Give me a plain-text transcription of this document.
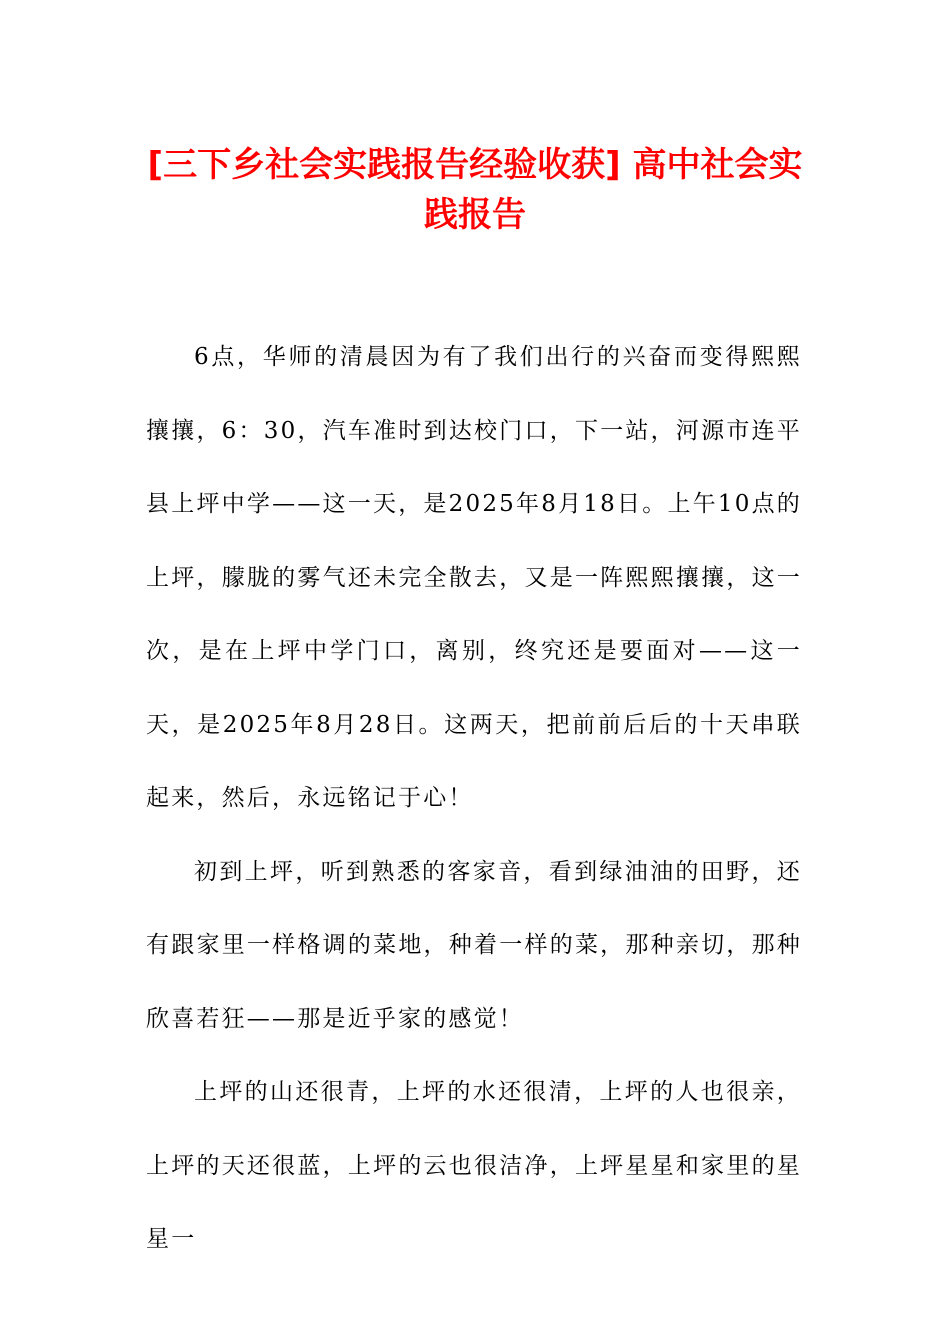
[三下乡社会实践报告经验收获] 高中社会实践报告

6点，华师的清晨因为有了我们出行的兴奋而变得熙熙攘攘，6：30，汽车准时到达校门口，下一站，河源市连平县上坪中学——这一天，是2025年8月18日。上午10点的上坪，朦胧的雾气还未完全散去，又是一阵熙熙攘攘，这一次，是在上坪中学门口，离别，终究还是要面对——这一天，是2025年8月28日。这两天，把前前后后的十天串联起来，然后，永远铭记于心！

初到上坪，听到熟悉的客家音，看到绿油油的田野，还有跟家里一样格调的菜地，种着一样的菜，那种亲切，那种欣喜若狂——那是近乎家的感觉！

上坪的山还很青，上坪的水还很清，上坪的人也很亲，上坪的天还很蓝，上坪的云也很洁净，上坪星星和家里的星星一
